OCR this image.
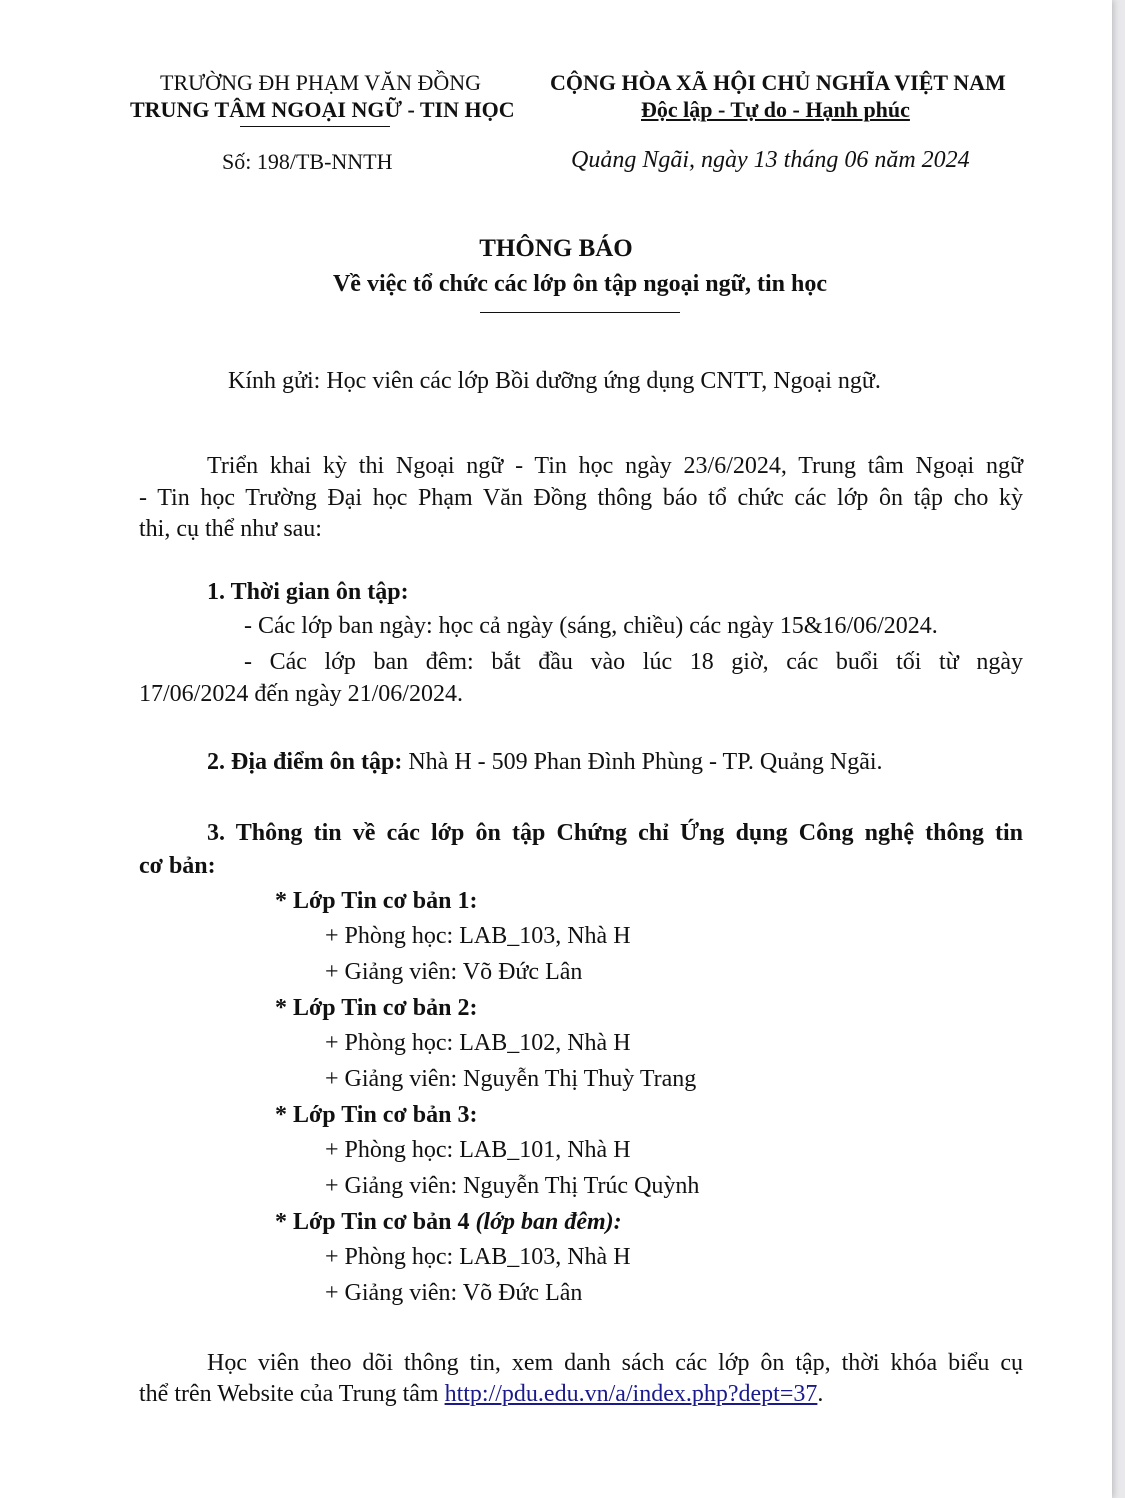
TRƯỜNG ĐH PHẠM VĂN ĐỒNG
TRUNG TÂM NGOẠI NGỮ - TIN HỌC
CỘNG HÒA XÃ HỘI CHỦ NGHĨA VIỆT NAM
Độc lập - Tự do - Hạnh phúc
Số: 198/TB-NNTH	Quảng Ngãi, ngày 13 tháng 06 năm 2024
THÔNG BÁO
Về việc tổ chức các lớp ôn tập ngoại ngữ, tin học
Kính gửi: Học viên các lớp Bồi dưỡng ứng dụng CNTT, Ngoại ngữ.
Triển khai kỳ thi Ngoại ngữ - Tin học ngày 23/6/2024, Trung tâm Ngoại ngữ
- Tin học Trường Đại học Phạm Văn Đồng thông báo tổ chức các lớp ôn tập cho kỳ
thi, cụ thể như sau:
1. Thời gian ôn tập:
- Các lớp ban ngày: học cả ngày (sáng, chiều) các ngày 15&16/06/2024.
- Các lớp ban đêm: bắt đầu vào lúc 18 giờ, các buổi tối từ ngày
17/06/2024 đến ngày 21/06/2024.
2. Địa điểm ôn tập: Nhà H - 509 Phan Đình Phùng - TP. Quảng Ngãi.
3. Thông tin về các lớp ôn tập Chứng chỉ Ứng dụng Công nghệ thông tin
cơ bản:
* Lớp Tin cơ bản 1:
+ Phòng học: LAB_103, Nhà H
+ Giảng viên: Võ Đức Lân
* Lớp Tin cơ bản 2:
+ Phòng học: LAB_102, Nhà H
+ Giảng viên: Nguyễn Thị Thuỳ Trang
* Lớp Tin cơ bản 3:
+ Phòng học: LAB_101, Nhà H
+ Giảng viên: Nguyễn Thị Trúc Quỳnh
* Lớp Tin cơ bản 4 (lớp ban đêm):
+ Phòng học: LAB_103, Nhà H
+ Giảng viên: Võ Đức Lân
Học viên theo dõi thông tin, xem danh sách các lớp ôn tập, thời khóa biểu cụ
thể trên Website của Trung tâm http://pdu.edu.vn/a/index.php?dept=37.
